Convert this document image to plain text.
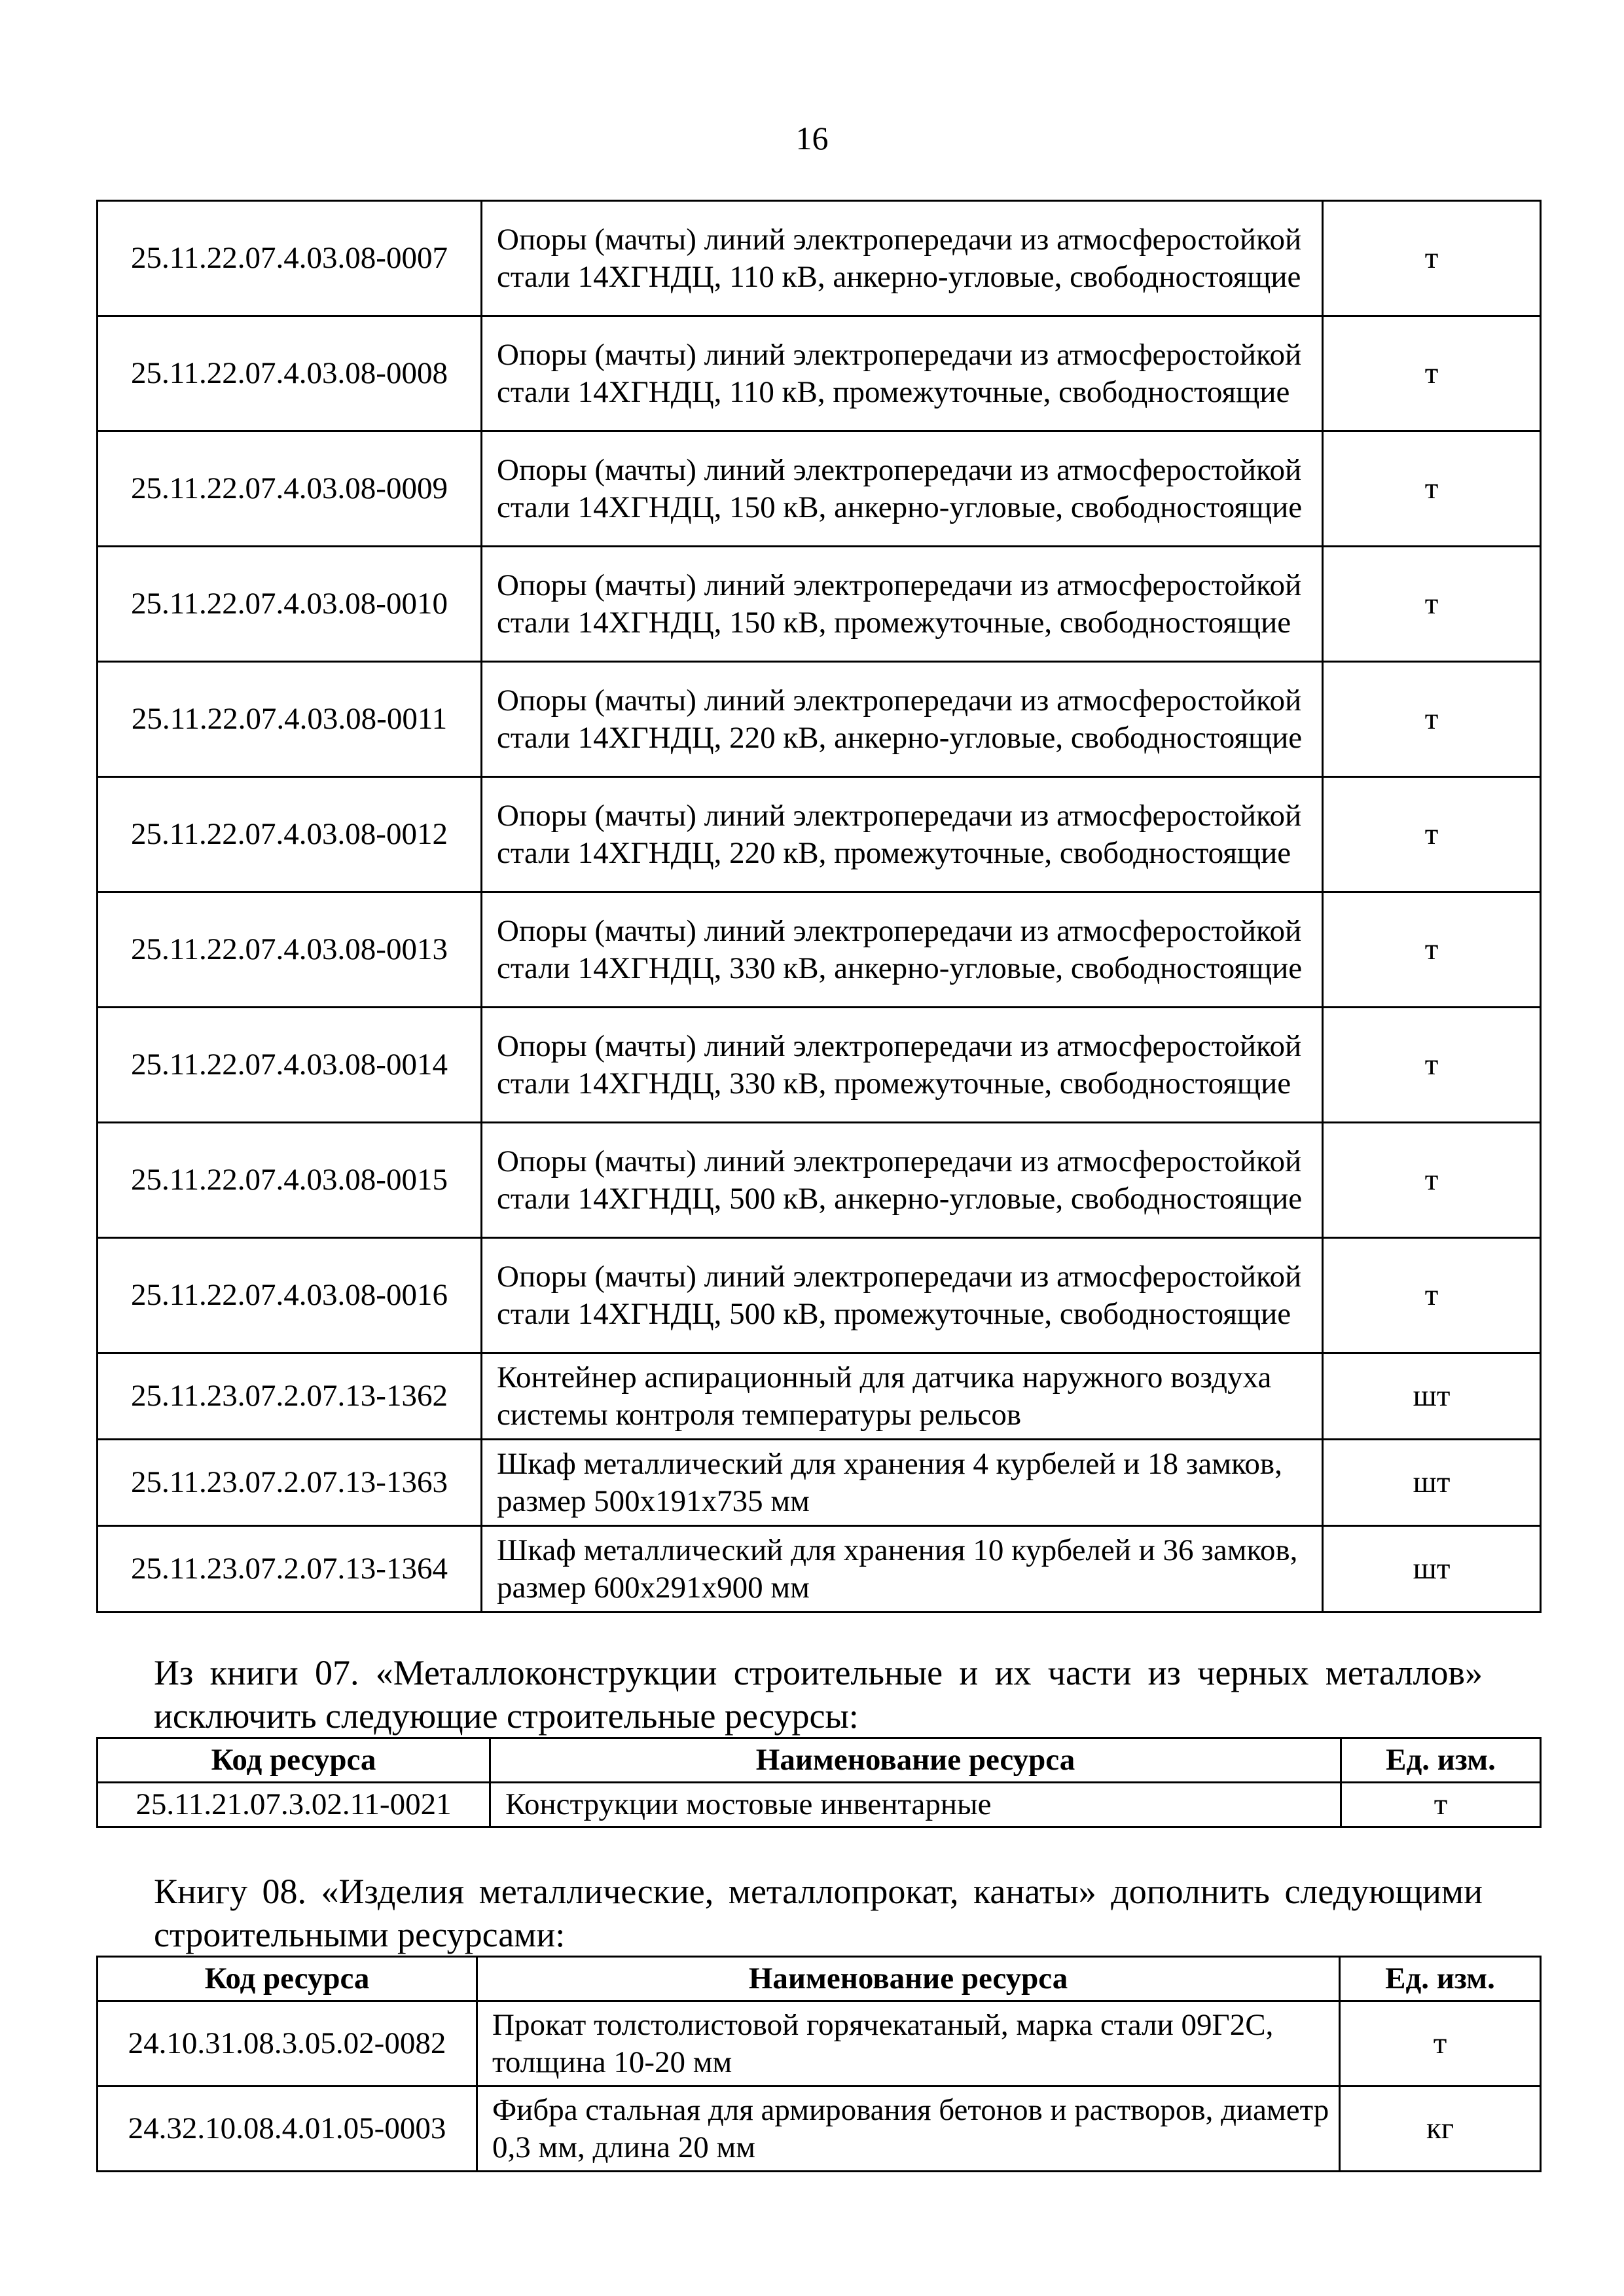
16
25.11.22.07.4.03.08-0007	Опоры (мачты) линий электропередачи из атмосферостойкой стали 14ХГНДЦ, 110 кВ, анкерно-угловые, свободностоящие	т
25.11.22.07.4.03.08-0008	Опоры (мачты) линий электропередачи из атмосферостойкой стали 14ХГНДЦ, 110 кВ, промежуточные, свободностоящие	т
25.11.22.07.4.03.08-0009	Опоры (мачты) линий электропередачи из атмосферостойкой стали 14ХГНДЦ, 150 кВ, анкерно-угловые, свободностоящие	т
25.11.22.07.4.03.08-0010	Опоры (мачты) линий электропередачи из атмосферостойкой стали 14ХГНДЦ, 150 кВ, промежуточные, свободностоящие	т
25.11.22.07.4.03.08-0011	Опоры (мачты) линий электропередачи из атмосферостойкой стали 14ХГНДЦ, 220 кВ, анкерно-угловые, свободностоящие	т
25.11.22.07.4.03.08-0012	Опоры (мачты) линий электропередачи из атмосферостойкой стали 14ХГНДЦ, 220 кВ, промежуточные, свободностоящие	т
25.11.22.07.4.03.08-0013	Опоры (мачты) линий электропередачи из атмосферостойкой стали 14ХГНДЦ, 330 кВ, анкерно-угловые, свободностоящие	т
25.11.22.07.4.03.08-0014	Опоры (мачты) линий электропередачи из атмосферостойкой стали 14ХГНДЦ, 330 кВ, промежуточные, свободностоящие	т
25.11.22.07.4.03.08-0015	Опоры (мачты) линий электропередачи из атмосферостойкой стали 14ХГНДЦ, 500 кВ, анкерно-угловые, свободностоящие	т
25.11.22.07.4.03.08-0016	Опоры (мачты) линий электропередачи из атмосферостойкой стали 14ХГНДЦ, 500 кВ, промежуточные, свободностоящие	т
25.11.23.07.2.07.13-1362	Контейнер аспирационный для датчика наружного воздуха системы контроля температуры рельсов	шт
25.11.23.07.2.07.13-1363	Шкаф металлический для хранения 4 курбелей и 18 замков, размер 500х191х735 мм	шт
25.11.23.07.2.07.13-1364	Шкаф металлический для хранения 10 курбелей и 36 замков, размер 600х291х900 мм	шт

Из книги 07. «Металлоконструкции строительные и их части из черных металлов» исключить следующие строительные ресурсы:

Код ресурса	Наименование ресурса	Ед. изм.
25.11.21.07.3.02.11-0021	Конструкции мостовые инвентарные	т

Книгу 08. «Изделия металлические, металлопрокат, канаты» дополнить следующими строительными ресурсами:

Код ресурса	Наименование ресурса	Ед. изм.
24.10.31.08.3.05.02-0082	Прокат толстолистовой горячекатаный, марка стали 09Г2С, толщина 10-20 мм	т
24.32.10.08.4.01.05-0003	Фибра стальная для армирования бетонов и растворов, диаметр 0,3 мм, длина 20 мм	кг
